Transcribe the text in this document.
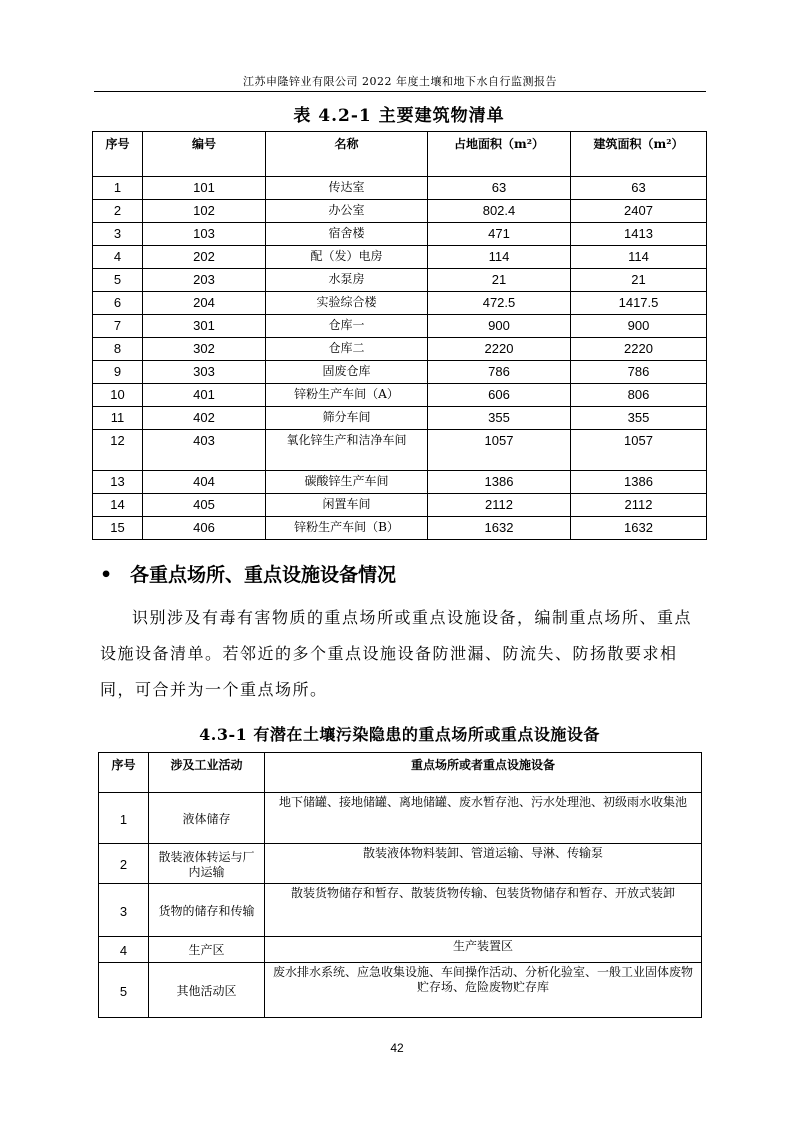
江苏申隆锌业有限公司 2022 年度土壤和地下水自行监测报告
表 4.2-1 主要建筑物清单
序号	编号	名称	占地面积（m²）	建筑面积（m²）
1	101	传达室	63	63
2	102	办公室	802.4	2407
3	103	宿舍楼	471	1413
4	202	配（发）电房	114	114
5	203	水泵房	21	21
6	204	实验综合楼	472.5	1417.5
7	301	仓库一	900	900
8	302	仓库二	2220	2220
9	303	固废仓库	786	786
10	401	锌粉生产车间（A）	606	806
11	402	筛分车间	355	355
12	403	氧化锌生产和洁净车间	1057	1057
13	404	碳酸锌生产车间	1386	1386
14	405	闲置车间	2112	2112
15	406	锌粉生产车间（B）	1632	1632
• 各重点场所、重点设施设备情况
识别涉及有毒有害物质的重点场所或重点设施设备，编制重点场所、重点设施设备清单。若邻近的多个重点设施设备防泄漏、防流失、防扬散要求相同，可合并为一个重点场所。
4.3-1 有潜在土壤污染隐患的重点场所或重点设施设备
序号	涉及工业活动	重点场所或者重点设施设备
1	液体储存	地下储罐、接地储罐、离地储罐、废水暂存池、污水处理池、初级雨水收集池
2	散装液体转运与厂内运输	散装液体物料装卸、管道运输、导淋、传输泵
3	货物的储存和传输	散装货物储存和暂存、散装货物传输、包装货物储存和暂存、开放式装卸
4	生产区	生产装置区
5	其他活动区	废水排水系统、应急收集设施、车间操作活动、分析化验室、一般工业固体废物贮存场、危险废物贮存库
42
